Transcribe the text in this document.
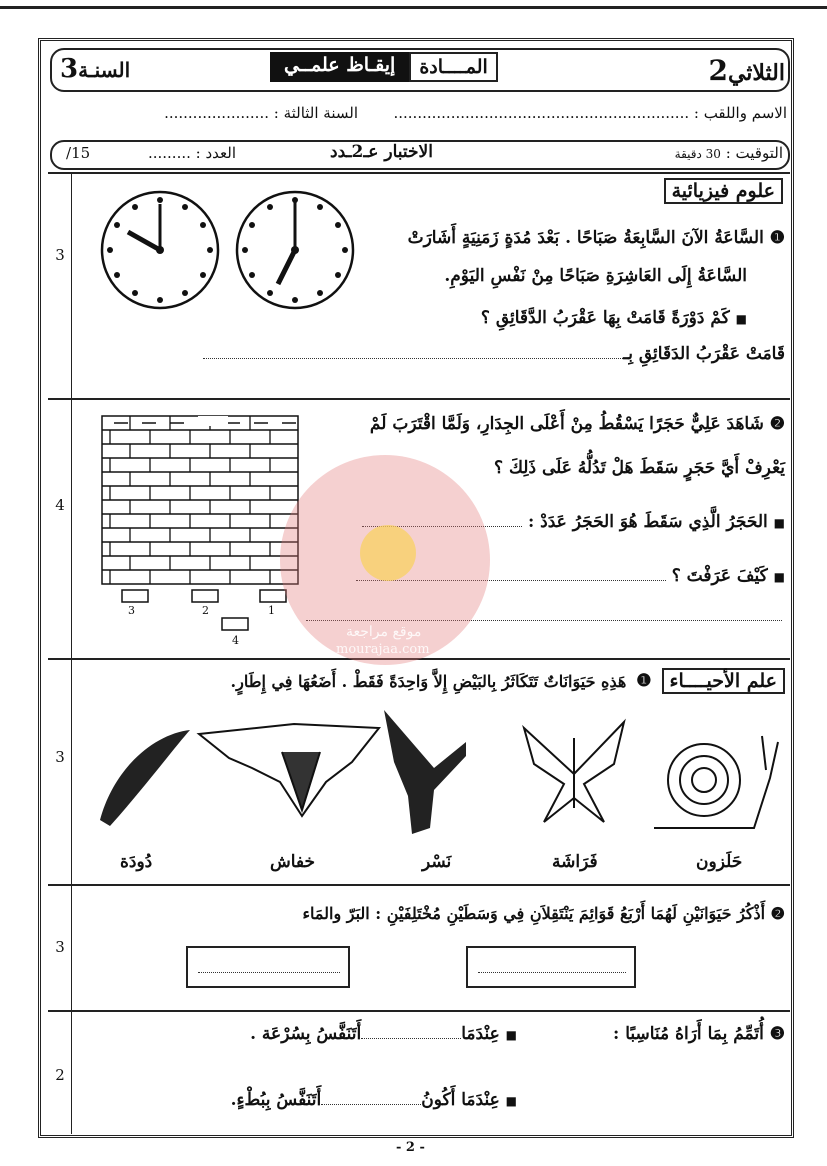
الثلاثي2
المــــادة
إيقـاظ علمــي
السنـة3
الاسم واللقب : ..............................................................
السنة الثالثة : ......................
التوقيت : 30 دقيقة
الاختبار عـ2ـدد
العدد : .........
15/
3
4
3
3
2
علوم فيزيائية
❶ السَّاعَةُ الآنَ السَّابِعَةُ صَبَاحًا . بَعْدَ مُدَةٍ زَمَنِيَةٍ أَشَارَتْ
السَّاعَةُ إِلَى العَاشِرَةِ صَبَاحًا مِنْ نَفْسِ اليَوْمِ.
■ كَمْ دَوْرَةً قَامَتْ بِهَا عَقْرَبُ الدَّقَائِقِ ؟
قَامَتْ عَقْرَبُ الدَقَائِقِ بِـ
3	2	1
4
❷ شَاهَدَ عَلِيٌّ حَجَرًا يَسْقُطُ مِنْ أَعْلَى الجِدَارِ، وَلَمَّا اقْتَرَبَ لَمْ
يَعْرِفْ أَيَّ حَجَرٍ سَقَطَ هَلْ تَدُلُّهُ عَلَى ذَلِكَ ؟
■ الحَجَرُ الَّذِي سَقَطَ هُوَ الحَجَرُ عَدَدْ :
■ كَيْفَ عَرَفْتَ ؟
موقع مراجعة
mourajaa.com
علم الأحيــــاء
❶
هَذِهِ حَيَوَانَاتٌ تَتَكَاثَرُ بِالبَيْضِ إِلاَّ وَاحِدَةً فَقَطْ . أَضَعُهَا فِي إِطَارٍ.
حَلَزون
فَرَاشَة
نَسْر
خفاش
دُودَة
❷ أَذْكُرُ حَيَوَانَيْنِ لَهُمَا أَرْبَعُ قَوَائِمَ يَنْتَقِلاَنِ فِي وَسَطَيْنِ مُخْتَلِفَيْنِ : البَرّ والمَاء
❸ أُتَمِّمُ بِمَا أَرَاهُ مُنَاسِبًا :
■ عِنْدَمَاأَتَنَفَّسُ بِسُرْعَة .
■ عِنْدَمَا أَكُونُأَتَنَفَّسُ بِبُطْءٍ.
- 2 -
